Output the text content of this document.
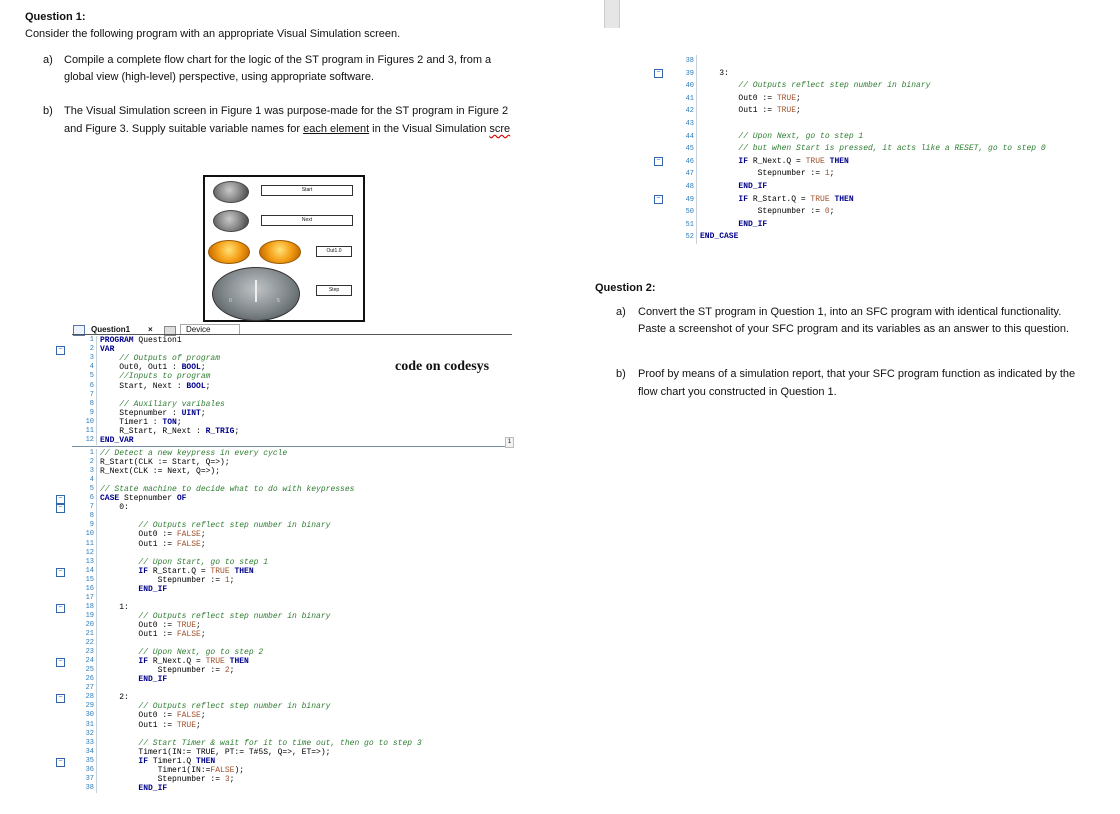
Question 1:
Consider the following program with an appropriate Visual Simulation screen.
a) Compile a complete flow chart for the logic of the ST program in Figures 2 and 3, from a
global view (high-level) perspective, using appropriate software.
b) The Visual Simulation screen in Figure 1 was purpose-made for the ST program in Figure 2
and Figure 3. Supply suitable variable names for each element in the Visual Simulation scre
Start
Next
Out1.0
0	5
Step
Question1 ×	Device
1 PROGRAM Question1
−	2 VAR
3 // Outputs of program
4 Out0, Out1 : BOOL;
5 //Inputs to program
6 Start, Next : BOOL;
7
8 // Auxiliary varibales
9 Stepnumber : UINT;
10 Timer1 : TON;
11 R_Start, R_Next : R_TRIG;
12 END_VAR	1
1 // Detect a new keypress in every cycle
2 R_Start(CLK := Start, Q=>);
3 R_Next(CLK := Next, Q=>);
4
5 // State machine to decide what to do with keypresses
−	6 CASE Stepnumber OF
−	7 0:
8
9 // Outputs reflect step number in binary
10 Out0 := FALSE;
11 Out1 := FALSE;
12
13 // Upon Start, go to step 1
−	14 IF R_Start.Q = TRUE THEN
15 Stepnumber := 1;
16 END_IF
17
−	18 1:
19 // Outputs reflect step number in binary
20 Out0 := TRUE;
21 Out1 := FALSE;
22
23 // Upon Next, go to step 2
−	24 IF R_Next.Q = TRUE THEN
25 Stepnumber := 2;
26 END_IF
27
−	28 2:
29 // Outputs reflect step number in binary
30 Out0 := FALSE;
31 Out1 := TRUE;
32
33 // Start Timer & wait for it to time out, then go to step 3
34 Timer1(IN:= TRUE, PT:= T#5S, Q=>, ET=>);
−	35 IF Timer1.Q THEN
36 Timer1(IN:=FALSE);
37 Stepnumber := 3;
38 END_IF
code on codesys
38
−	39 3:
40 // Outputs reflect step number in binary
41 Out0 := TRUE;
42 Out1 := TRUE;
43
44 // Upon Next, go to step 1
45 // but when Start is pressed, it acts like a RESET, go to step 0
−	46 IF R_Next.Q = TRUE THEN
47 Stepnumber := 1;
48 END_IF
−	49 IF R_Start.Q = TRUE THEN
50 Stepnumber := 0;
51 END_IF
52 END_CASE
Question 2:
a) Convert the ST program in Question 1, into an SFC program with identical functionality.
Paste a screenshot of your SFC program and its variables as an answer to this question.
b) Proof by means of a simulation report, that your SFC program function as indicated by the
flow chart you constructed in Question 1.
